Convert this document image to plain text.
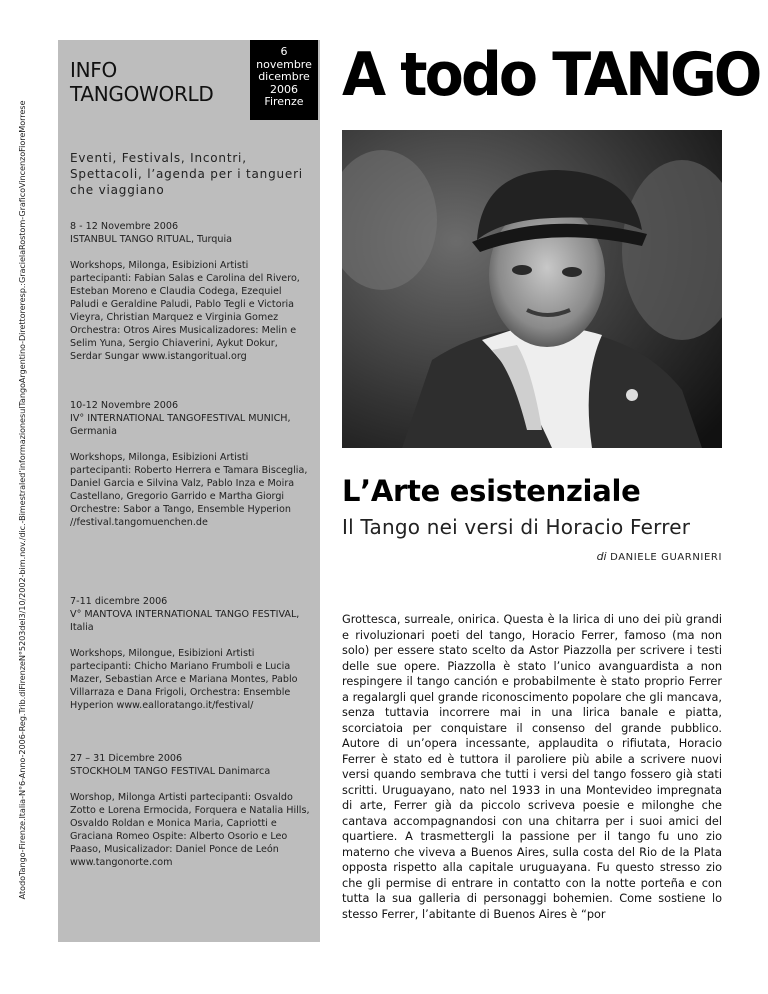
AtodoTango-Firenze.Italia-N°6-Anno-2006-Reg.Trib.diFirenzeN°5203del3/10/2002-bim.nov./dic.-BimestraledʼinformazionesulTangoArgentino-Direttoreresp.:GracielaRostom-GraficoVincenzoFioreMorrese
INFO
TANGOWORLD
6
novembre
dicembre
2006
Firenze
Eventi, Festivals, Incontri, Spettacoli, lʼagenda per i tangueri che viaggiano

8 - 12 Novembre 2006

ISTANBUL TANGO RITUAL, Turquia

Workshops, Milonga, Esibizioni Artisti partecipanti: Fabian Salas e Carolina del Rivero, Esteban Moreno e Claudia Codega, Ezequiel Paludi e Geraldine Paludi, Pablo Tegli e Victoria Vieyra, Christian Marquez e Virginia Gomez Orchestra: Otros Aires Musicalizadores: Melin e Selim Yuna, Sergio Chiaverini, Aykut Dokur, Serdar Sungar www.istangoritual.org

10-12 Novembre 2006

IV° INTERNATIONAL TANGOFESTIVAL MUNICH, Germania

Workshops, Milonga, Esibizioni Artisti partecipanti: Roberto Herrera e Tamara Bisceglia, Daniel Garcia e Silvina Valz, Pablo Inza e Moira Castellano, Gregorio Garrido e Martha Giorgi Orchestre: Sabor a Tango, Ensemble Hyperion //festival.tangomuenchen.de

7-11 dicembre 2006

V° MANTOVA INTERNATIONAL TANGO FESTIVAL, Italia

Workshops, Milongue, Esibizioni Artisti partecipanti: Chicho Mariano Frumboli e Lucia Mazer, Sebastian Arce e Mariana Montes, Pablo Villarraza e Dana Frigoli, Orchestra: Ensemble Hyperion www.ealloratango.it/festival/

27 – 31 Dicembre 2006

STOCKHOLM TANGO FESTIVAL Danimarca

Worshop, Milonga Artisti partecipanti: Osvaldo Zotto e Lorena Ermocida, Forquera e Natalia Hills, Osvaldo Roldan e Monica Maria, Capriotti e Graciana Romeo Ospite: Alberto Osorio e Leo Paaso, Musicalizador: Daniel Ponce de León www.tangonorte.com

A todo TANGO
LʼArte esistenziale
Il Tango nei versi di Horacio Ferrer
di DANIELE GUARNIERI

Grottesca, surreale, onirica. Questa è la lirica di uno dei più grandi e rivoluzionari poeti del tango, Horacio Ferrer, famoso (ma non solo) per essere stato scelto da Astor Piazzolla per scrivere i testi delle sue opere. Piazzolla è stato lʼunico avanguardista a non respingere il tango canción e probabilmente è stato proprio Ferrer a regalargli quel grande riconoscimento popolare che gli mancava, senza tuttavia incorrere mai in una lirica banale e piatta, scorciatoia per conquistare il consenso del grande pubblico. Autore di unʼopera incessante, applaudita o rifiutata, Horacio Ferrer è stato ed è tuttora il paroliere più abile a scrivere nuovi versi quando sembrava che tutti i versi del tango fossero già stati scritti. Uruguayano, nato nel 1933 in una Montevideo impregnata di arte, Ferrer già da piccolo scriveva poesie e milonghe che cantava accompagnandosi con una chitarra per i suoi amici del quartiere. A trasmettergli la passione per il tango fu uno zio materno che viveva a Buenos Aires, sulla costa del Rio de la Plata opposta rispetto alla capitale uruguayana. Fu questo stresso zio che gli permise di entrare in contatto con la notte porteña e con tutta la sua galleria di personaggi bohemien. Come sostiene lo stesso Ferrer, lʼabitante di Buenos Aires è “por
